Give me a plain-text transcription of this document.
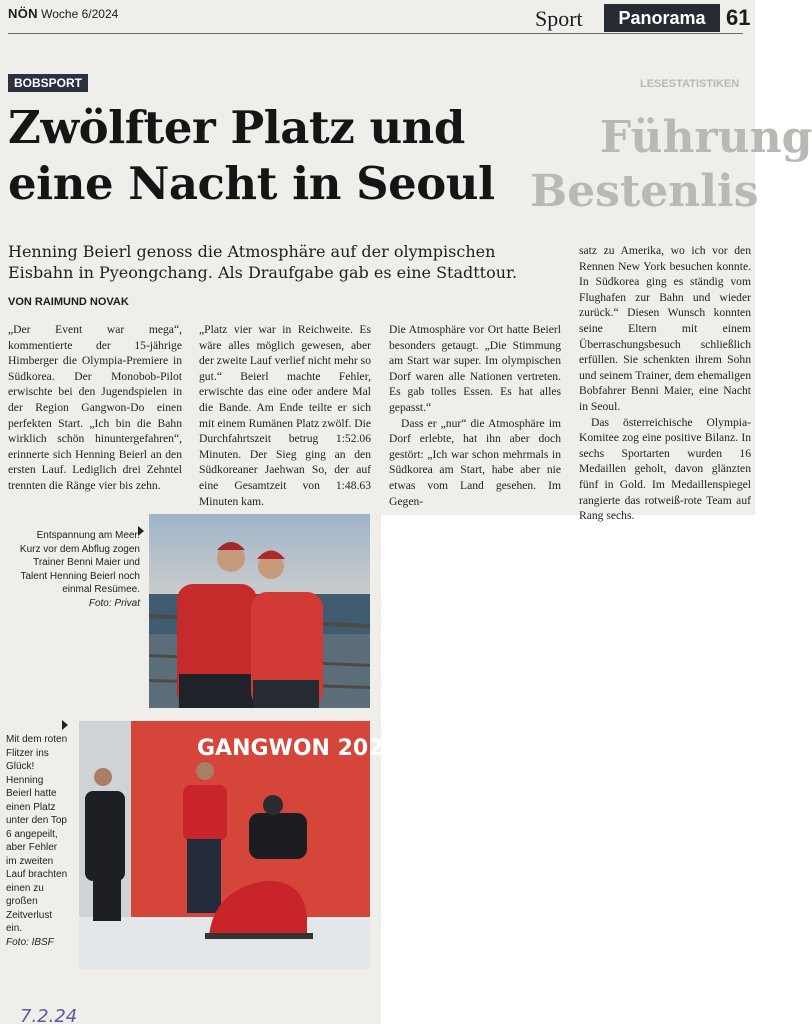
NÖN Woche 6/2024	Sport	Panorama 61
LESESTATISTIKEN
Führung
Bestenlis
BOBSPORT
Zwölfter Platz und
eine Nacht in Seoul

Henning Beierl genoss die Atmosphäre auf der olympischen Eisbahn in Pyeongchang. Als Draufgabe gab es eine Stadttour.

VON RAIMUND NOVAK

„Der Event war mega“, kommentierte der 15-jährige Himberger die Olympia-Premiere in Südkorea. Der Monobob-Pilot erwischte bei den Jugendspielen in der Region Gangwon-Do einen perfekten Start. „Ich bin die Bahn wirklich schön hinuntergefahren“, erinnerte sich Henning Beierl an den ersten Lauf. Lediglich drei Zehntel trennten die Ränge vier bis zehn.

„Platz vier war in Reichweite. Es wäre alles möglich gewesen, aber der zweite Lauf verlief nicht mehr so gut.“ Beierl machte Fehler, erwischte das eine oder andere Mal die Bande. Am Ende teilte er sich mit einem Rumänen Platz zwölf. Die Durchfahrtszeit betrug 1:52.06 Minuten. Der Sieg ging an den Südkoreaner Jaehwan So, der auf eine Gesamtzeit von 1:48.63 Minuten kam.

Die Atmosphäre vor Ort hatte Beierl besonders getaugt. „Die Stimmung am Start war super. Im olympischen Dorf waren alle Nationen vertreten. Es gab tolles Essen. Es hat alles gepasst.“

Dass er „nur“ die Atmosphäre im Dorf erlebte, hat ihn aber doch gestört: „Ich war schon mehrmals in Südkorea am Start, habe aber nie etwas vom Land gesehen. Im Gegen-

satz zu Amerika, wo ich vor den Rennen New York besuchen konnte. In Südkorea ging es ständig vom Flughafen zur Bahn und wieder zurück.“ Diesen Wunsch konnten seine Eltern mit einem Überraschungsbesuch schließlich erfüllen. Sie schenkten ihrem Sohn und seinem Trainer, dem ehemaligen Bobfahrer Benni Maier, eine Nacht in Seoul.

Das österreichische Olympia-Komitee zog eine positive Bilanz. In sechs Sportarten wurden 16 Medaillen geholt, davon glänzten fünf in Gold. Im Medaillenspiegel rangierte das rotweiß-rote Team auf Rang sechs.

Entspannung am Meer. Kurz vor dem Abflug zogen Trainer Benni Maier und Talent Henning Beierl noch einmal Resümee.
Foto: Privat
Mit dem roten Flitzer ins Glück! Henning Beierl hatte einen Platz unter den Top 6 angepeilt, aber Fehler im zweiten Lauf brachten einen zu großen Zeitverlust ein.
Foto: IBSF
GANGWON 202
7.2.24
